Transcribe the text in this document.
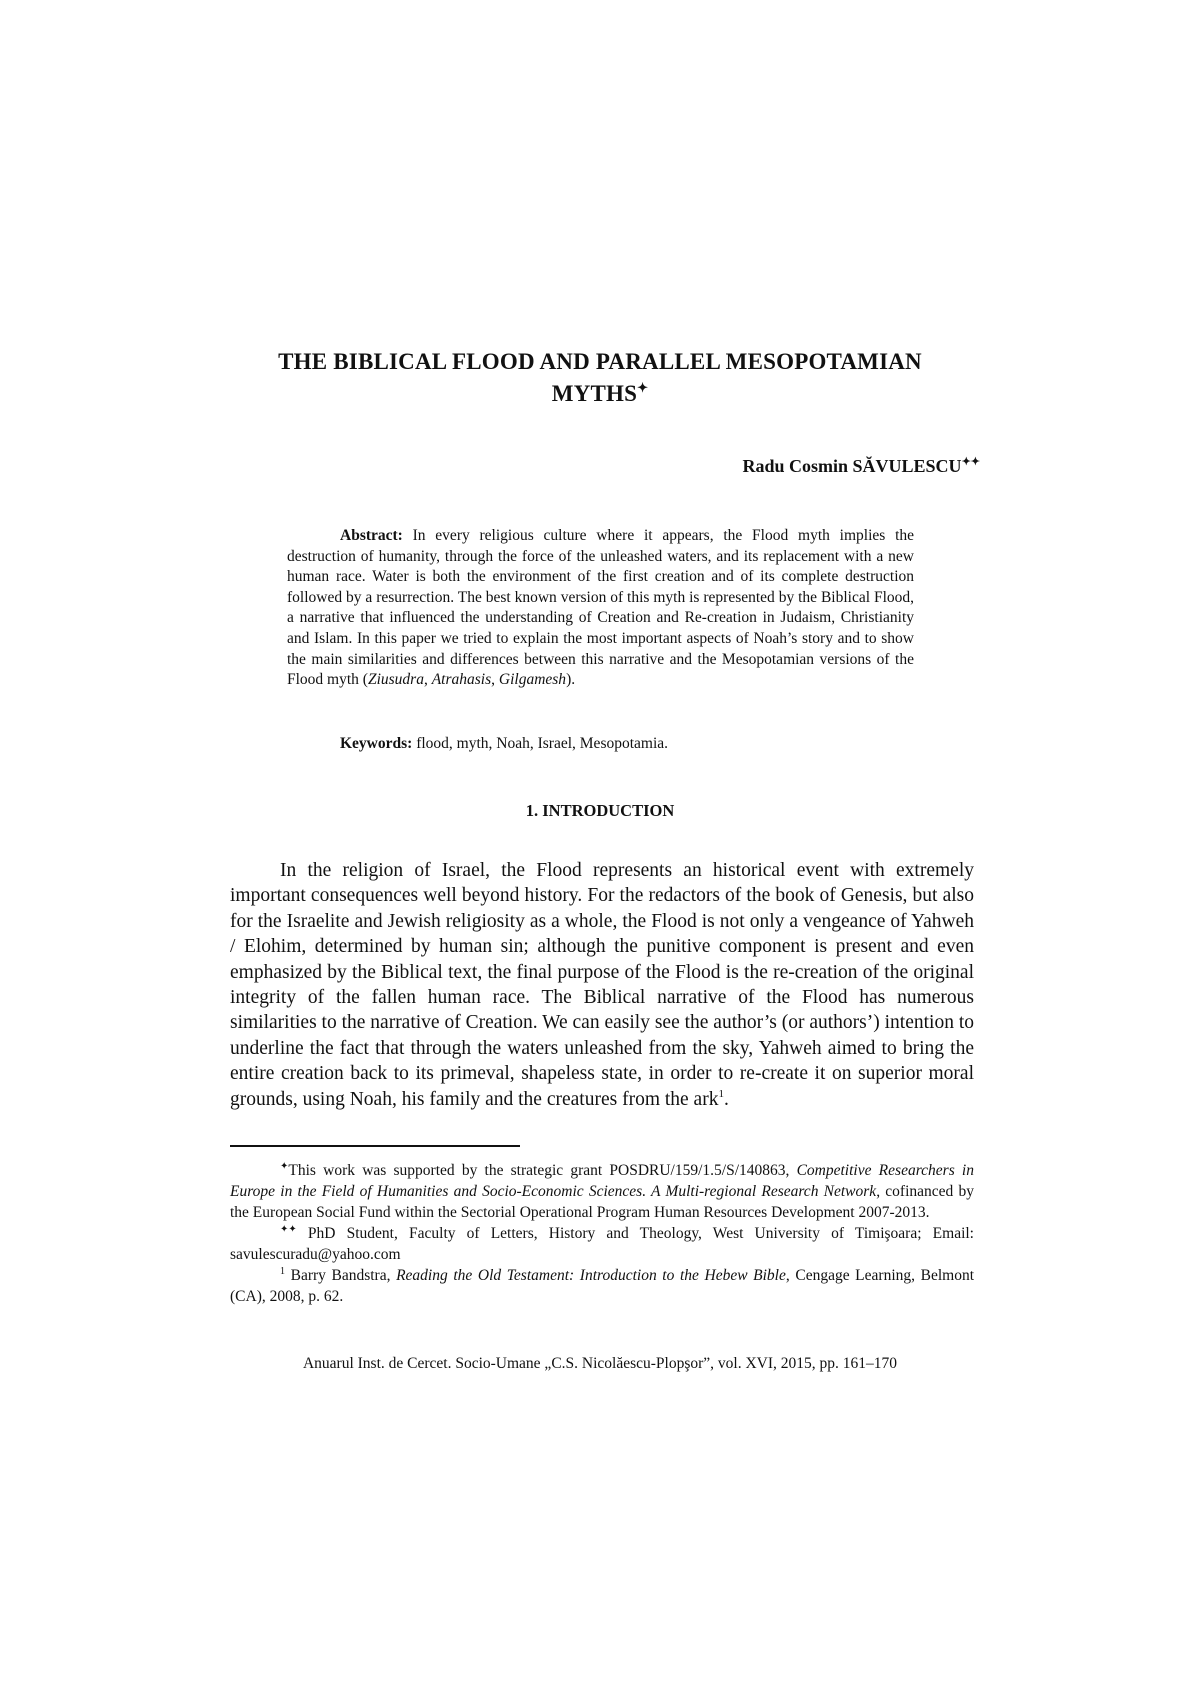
THE BIBLICAL FLOOD AND PARALLEL MESOPOTAMIAN
MYTHS✦
Radu Cosmin SĂVULESCU✦✦

Abstract: In every religious culture where it appears, the Flood myth implies the destruction of humanity, through the force of the unleashed waters, and its replacement with a new human race. Water is both the environment of the first creation and of its complete destruction followed by a resurrection. The best known version of this myth is represented by the Biblical Flood, a narrative that influenced the understanding of Creation and Re-creation in Judaism, Christianity and Islam. In this paper we tried to explain the most important aspects of Noah’s story and to show the main similarities and differences between this narrative and the Mesopotamian versions of the Flood myth (Ziusudra, Atrahasis, Gilgamesh).

Keywords: flood, myth, Noah, Israel, Mesopotamia.

1. INTRODUCTION

In the religion of Israel, the Flood represents an historical event with extremely important consequences well beyond history. For the redactors of the book of Genesis, but also for the Israelite and Jewish religiosity as a whole, the Flood is not only a vengeance of Yahweh / Elohim, determined by human sin; although the punitive component is present and even emphasized by the Biblical text, the final purpose of the Flood is the re-creation of the original integrity of the fallen human race. The Biblical narrative of the Flood has numerous similarities to the narrative of Creation. We can easily see the author’s (or authors’) intention to underline the fact that through the waters unleashed from the sky, Yahweh aimed to bring the entire creation back to its primeval, shapeless state, in order to re-create it on superior moral grounds, using Noah, his family and the creatures from the ark$^1$.

✦This work was supported by the strategic grant POSDRU/159/1.5/S/140863, Competitive Researchers in Europe in the Field of Humanities and Socio-Economic Sciences. A Multi-regional Research Network, cofinanced by the European Social Fund within the Sectorial Operational Program Human Resources Development 2007-2013.

✦✦ PhD Student, Faculty of Letters, History and Theology, West University of Timişoara; Email: savulescuradu@yahoo.com

$^1$ Barry Bandstra, Reading the Old Testament: Introduction to the Hebew Bible, Cengage Learning, Belmont (CA), 2008, p. 62.

Anuarul Inst. de Cercet. Socio-Umane „C.S. Nicolăescu-Plopşor”, vol. XVI, 2015, pp. 161–170
